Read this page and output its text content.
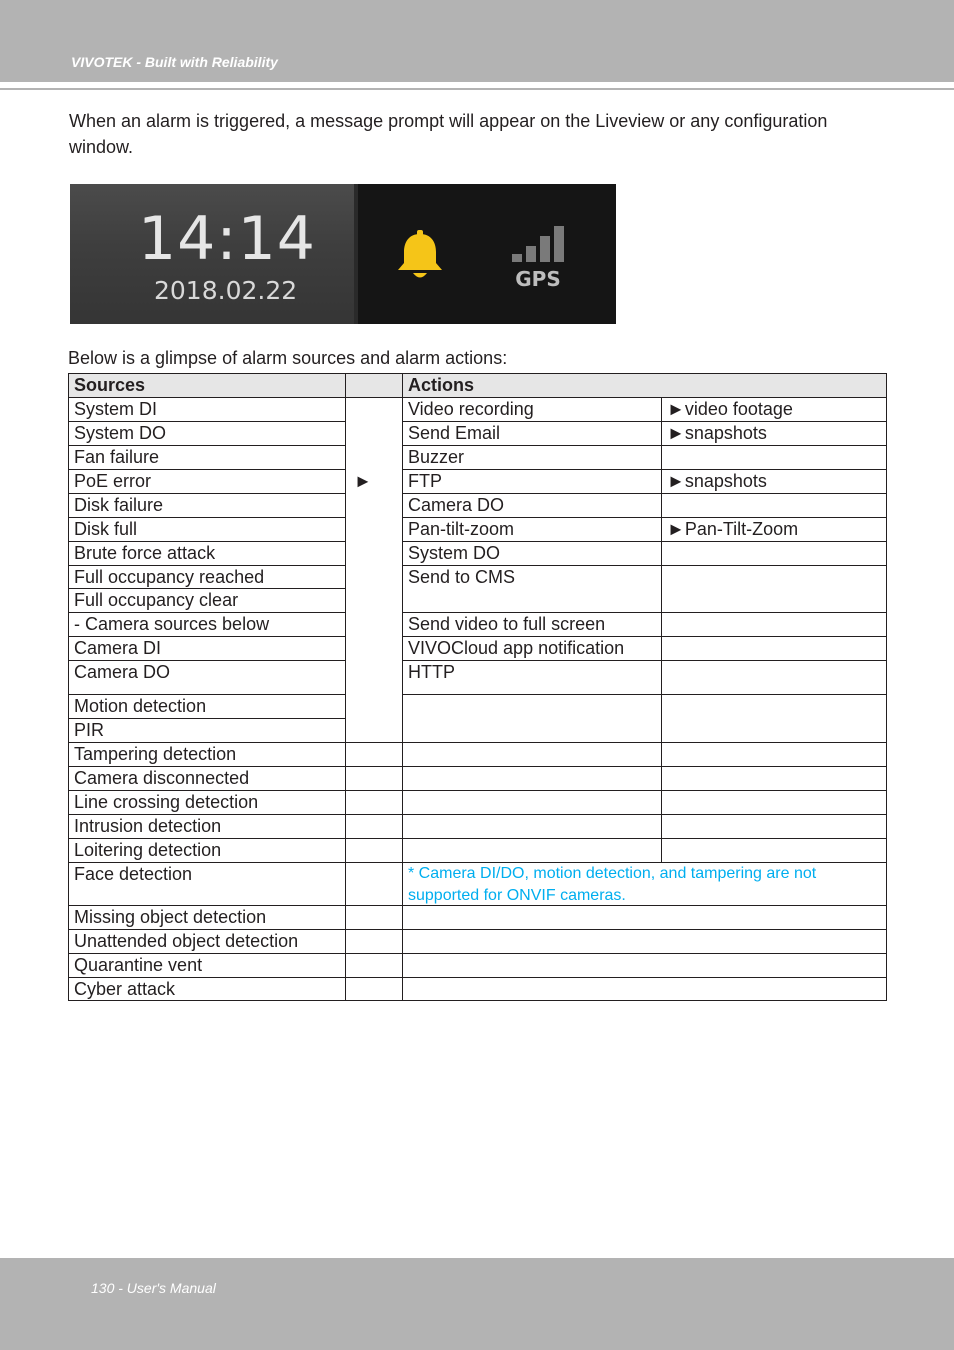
VIVOTEK - Built with Reliability
When an alarm is triggered, a message prompt will appear on the Liveview or any configuration window.
14:14
2018.02.22	GPS
Below is a glimpse of alarm sources and alarm actions:
Sources	Actions
System DI
System DO
Fan failure
PoE error
Disk failure
Disk full
Brute force attack
Full occupancy reached
Full occupancy clear
- Camera sources below
Camera DI
Camera DO
Motion detection
PIR
Tampering detection
Camera disconnected
Line crossing detection
Intrusion detection
Loitering detection
Face detection
Missing object detection
Unattended object detection
Quarantine vent
Cyber attack
►
Video recording
Send Email
Buzzer
FTP
Camera DO
Pan-tilt-zoom
System DO
Send to CMS
Send video to full screen
VIVOCloud app notification
HTTP
►video footage
►snapshots
►snapshots
►Pan-Tilt-Zoom
* Camera DI/DO, motion detection, and tampering are not supported for ONVIF cameras.
130 - User's Manual
